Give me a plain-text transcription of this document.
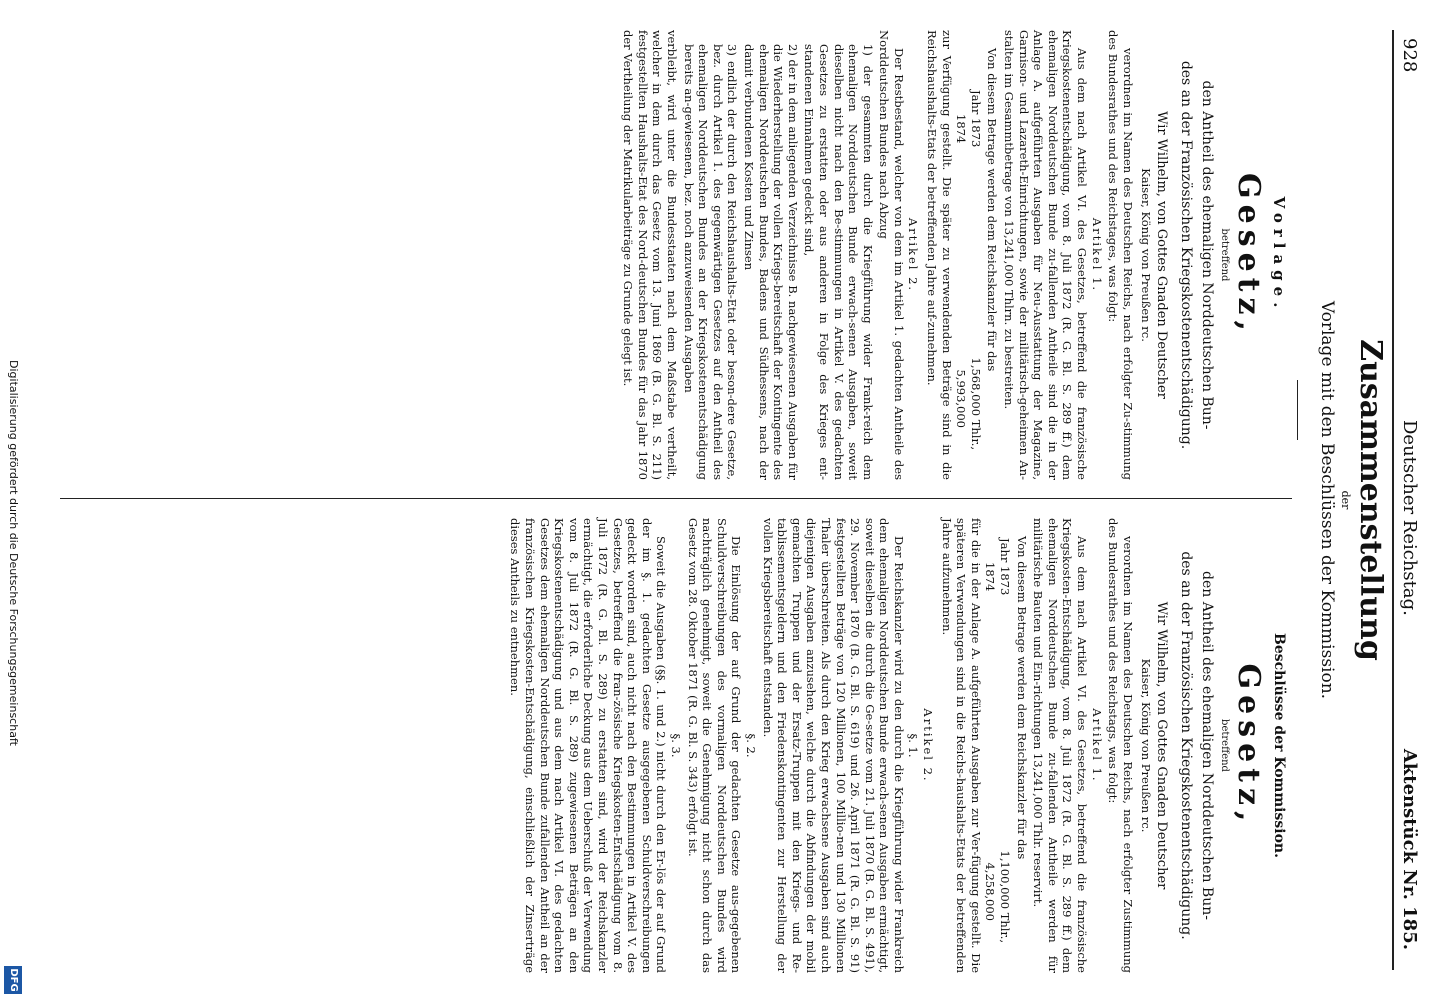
928
Deutscher Reichstag.
Aktenstück Nr. 185.
Zusammenstellung
der
Vorlage mit den Beschlüssen der Kommission.
Vorlage.
Gesetz,
betreffend
den Antheil des ehemaligen Norddeutschen Bun-
des an der Französischen Kriegskostenentschädigung.
Wir Wilhelm, von Gottes Gnaden Deutscher
Kaiser, König von Preußen rc.

verordnen im Namen des Deutschen Reichs, nach erfolgter Zu-stimmung des Bundesrathes und des Reichstages, was folgt:

Artikel 1.

Aus dem nach Artikel VI. des Gesetzes, betreffend die französische Kriegskostenentschädigung, vom 8. Juli 1872 (R. G. Bl. S. 289 ff.) dem ehemaligen Norddeutschen Bunde zu-fallenden Antheile sind die in der Anlage A. aufgeführten Ausgaben für Neu-Ausstattung der Magazine, Garnison- und Lazareth-Einrichtungen, sowie der militärisch-geheimen An-stalten im Gesammtbetrage von 13,241,000 Thlrn. zu bestreiten.

Von diesem Betrage werden dem Reichskanzler für das

Jahr 1873
1,568,000 Thlr.,
1874
5,993,000

zur Verfügung gestellt. Die später zu verwendenden Beträge sind in die Reichshaushalts-Etats der betreffenden Jahre auf-zunehmen.

Artikel 2.

Der Restbestand, welcher von dem im Artikel 1. gedachten Antheile des Norddeutschen Bundes nach Abzug

1) der gesammten durch die Kriegführung wider Frank-reich dem ehemaligen Norddeutschen Bunde erwach-senen Ausgaben, soweit dieselben nicht nach den Be-stimmungen in Artikel V. des gedachten Gesetzes zu erstatten oder aus anderen in Folge des Krieges ent-standenen Einnahmen gedeckt sind,

2) der in dem anliegenden Verzeichnisse B. nachgewiesenen Ausgaben für die Wiederherstellung der vollen Kriegs-bereitschaft der Kontingente des ehemaligen Norddeutschen Bundes, Badens und Südhessens, nach der damit verbundenen Kosten und Zinsen

3) endlich der durch den Reichshaushalts-Etat oder beson-dere Gesetze, bez. durch Artikel 1. des gegenwärtigen Gesetzes auf den Antheil des ehemaligen Norddeutschen Bundes an der Kriegskostenentschädigung bereits an-gewiesenen, bez. noch anzuweisenden Ausgaben

verbleibt, wird unter die Bundesstaaten nach dem Maßstabe vertheilt, welcher in dem durch das Gesetz vom 13. Juni 1869 (B. G. Bl. S. 211) festgestellten Haushalts-Etat des Nord-deutschen Bundes für das Jahr 1870 der Vertheilung der Matrikularbeiträge zu Grunde gelegt ist.

Beschlüsse der Kommission.
Gesetz,
betreffend
den Antheil des ehemaligen Norddeutschen Bun-
des an der Französischen Kriegskostenentschädigung.
Wir Wilhelm, von Gottes Gnaden Deutscher
Kaiser, König von Preußen rc.

verordnen im Namen des Deutschen Reichs, nach erfolgter Zustimmung des Bundesrathes und des Reichstags, was folgt:

Artikel 1.

Aus dem nach Artikel VI. des Gesetzes, betreffend die französische Kriegskosten-Entschädigung, vom 8. Juli 1872 (R. G. Bl. S. 289 ff.) dem ehemaligen Norddeutschen Bunde zu-fallenden Antheile werden für militärische Bauten und Ein-richtungen 13,241,000 Thlr. reservirt.

Von diesem Betrage werden dem Reichskanzler für das

Jahr 1873
1,100,000 Thlr.,
1874
4,258,000

für die in der Anlage A. aufgeführten Ausgaben zur Ver-fügung gestellt. Die späteren Verwendungen sind in die Reichs-haushalts-Etats der betreffenden Jahre aufzunehmen.

Artikel 2.
§. 1.

Der Reichskanzler wird zu den durch die Kriegführung wider Frankreich dem ehemaligen Norddeutschen Bunde erwach-senen Ausgaben ermächtigt, soweit dieselben die durch die Ge-setze vom 21. Juli 1870 (B. G. Bl. S. 491), 29. November 1870 (B. G. Bl. S. 619) und 26. April 1871 (R. G. Bl. S. 91) festgestellten Beträge von 120 Millionen, 100 Millio-nen und 130 Millionen Thaler überschreiten. Als durch den Krieg erwachsene Ausgaben sind auch diejenigen Ausgaben anzusehen, welche durch die Abfindungen der mobil gemachten Truppen und der Ersatz-Truppen mit den Kriegs- und Re-tablissementsgeldern und den Friedenskontingenten zur Herstellung der vollen Kriegsbereitschaft entstanden.

§. 2.

Die Einlösung der auf Grund der gedachten Gesetze aus-gegebenen Schuldverschreibungen des vormaligen Norddeutschen Bundes wird nachträglich genehmigt, soweit die Genehmigung nicht schon durch das Gesetz vom 28. Oktober 1871 (R. G. Bl. S. 343) erfolgt ist.

§. 3.

Soweit die Ausgaben (§§. 1. und 2.) nicht durch den Er-lös der auf Grund der im §. 1. gedachten Gesetze ausgegebenen Schuldverschreibungen gedeckt worden sind, auch nicht nach den Bestimmungen in Artikel V. des Gesetzes, betreffend die fran-zösische Kriegskosten-Entschädigung vom 8. Juli 1872 (R. G. Bl. S. 289) zu erstatten sind, wird der Reichskanzler ermächtigt, die erforderliche Deckung aus dem Ueberschuß der Verwendung vom 8. Juli 1872 (R. G. Bl. S. 289) zugewiesenen Beträgen an den Kriegskostenentschädigung und aus dem nach Artikel VI. des gedachten Gesetzes dem ehemaligen Norddeutschen Bunde zufallenden Antheil an der französischen Kriegskosten-Entschädigung, einschließlich der Zinserträge dieses Antheils zu entnehmen.

Digitalisierung gefördert durch die Deutsche Forschungsgemeinschaft
DFG
